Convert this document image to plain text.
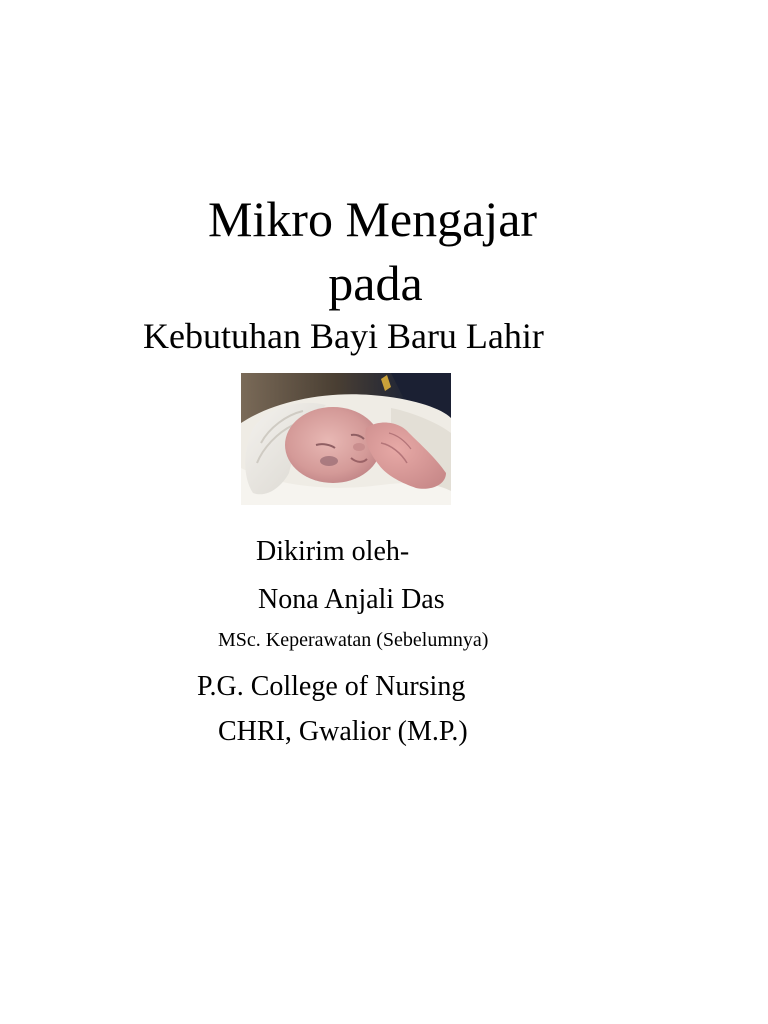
Mikro Mengajar
pada
Kebutuhan Bayi Baru Lahir
Dikirim oleh-
Nona Anjali Das
MSc. Keperawatan (Sebelumnya)
P.G. College of Nursing
CHRI, Gwalior (M.P.)
